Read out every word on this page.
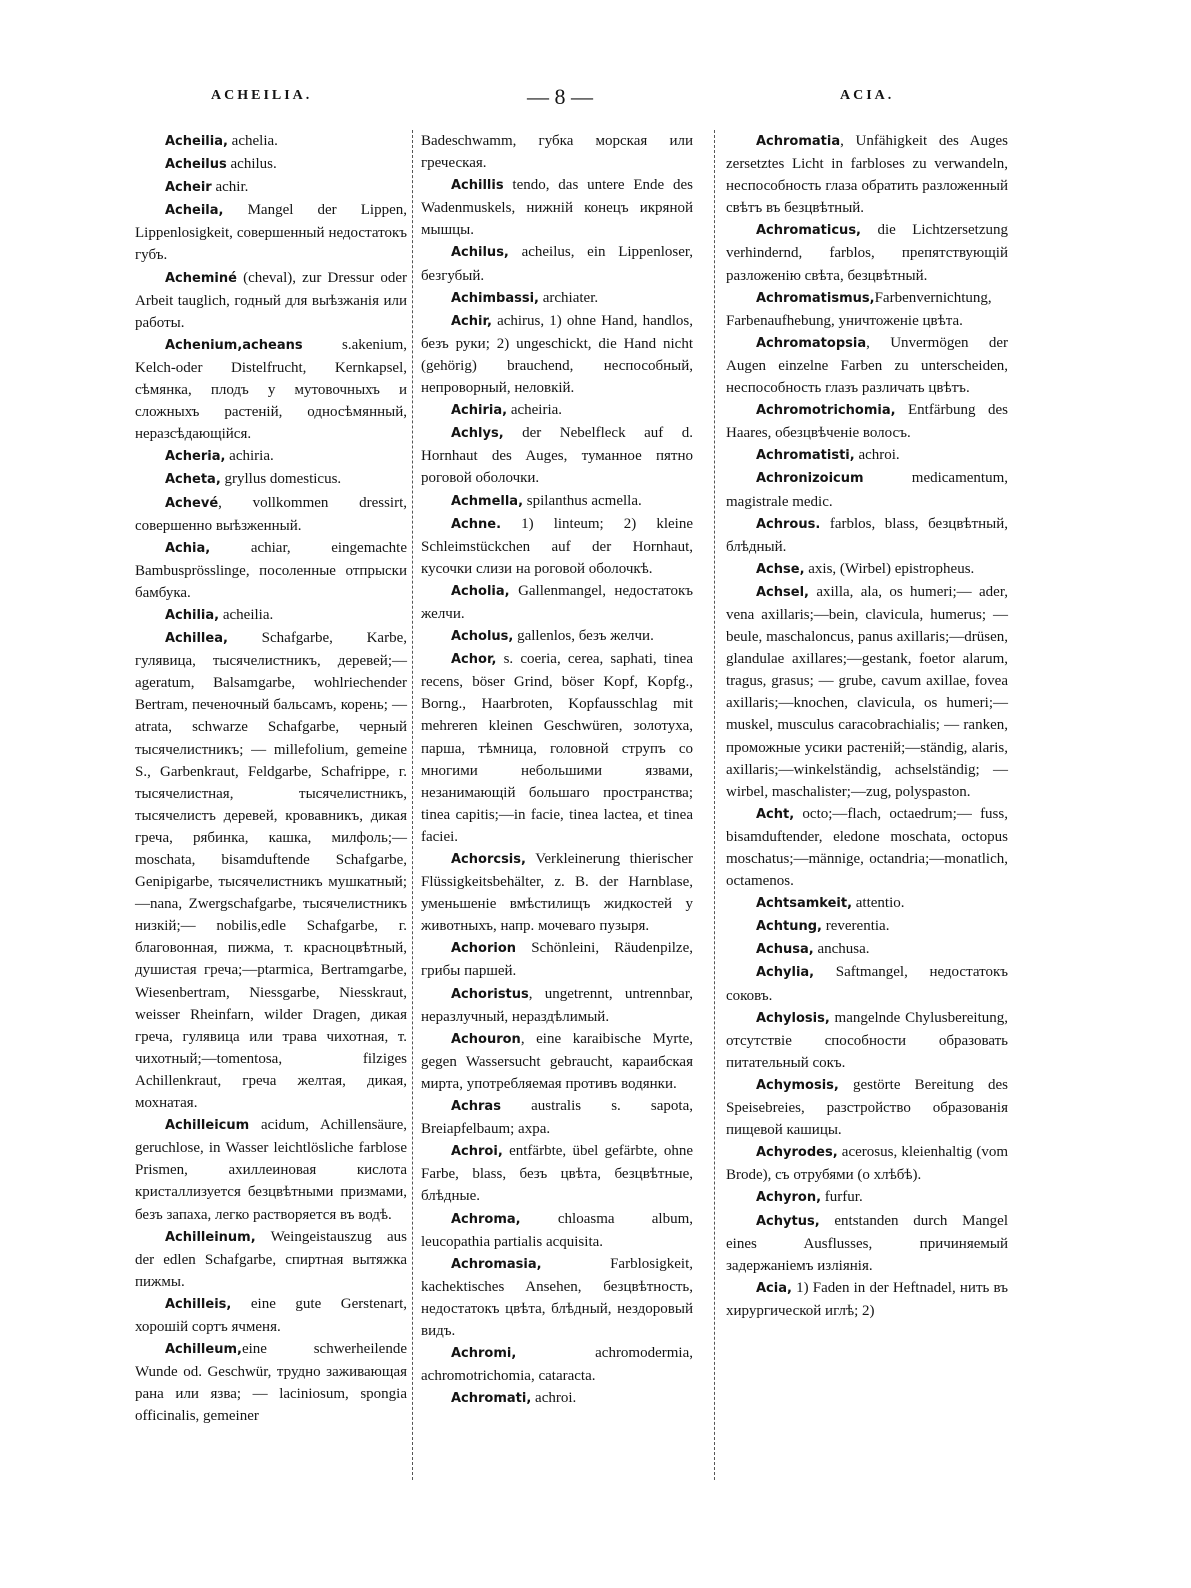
ACHEILIA.	— 8 —	ACIA.

Acheilia, achelia.

Acheilus achilus.

Acheir achir.

Acheila, Mangel der Lippen, Lippenlosigkeit, совершенный недостатокъ губъ.

Acheminé (cheval), zur Dressur oder Arbeit tauglich, годный для выѣзжанія или работы.

Achenium,acheans s.akenium, Kelch-oder Distelfrucht, Kernkapsel, сѣмянка, плодъ у мутовочныхъ и сложныхъ растеній, односѣмянный, неразсѣдающійся.

Acheria, achiria.

Acheta, gryllus domesticus.

Achevé, vollkommen dressirt, совершенно выѣзженный.

Achia, achiar, eingemachte Bambusprösslinge, посоленные отпрыски бамбука.

Achilia, acheilia.

Achillea, Schafgarbe, Karbe, гулявица, тысячелистникъ, деревей;— ageratum, Balsamgarbe, wohlriechender Bertram, печеночный бальсамъ, корень; — atrata, schwarze Schafgarbe, черный тысячелистникъ; — millefolium, gemeine S., Garbenkraut, Feldgarbe, Schafrippe, г. тысячелистная, тысячелистникъ, тысячелистъ деревей, кровавникъ, дикая греча, рябинка, кашка, милфоль;—moschata, bisamduftende Schafgarbe, Genipigarbe, тысячелистникъ мушкатный; —nana, Zwergschafgarbe, тысячелистникъ низкій;— nobilis,edle Schafgarbe, г. благовонная, пижма, т. красноцвѣтный, душистая греча;—ptarmica, Bertramgarbe, Wiesenbertram, Niessgarbe, Niesskraut, weisser Rheinfarn, wilder Dragen, дикая греча, гулявица или трава чихотная, т. чихотный;—tomentosa, filziges Achillenkraut, греча желтая, дикая, мохнатая.

Achilleicum acidum, Achillensäure, geruchlose, in Wasser leichtlösliche farblose Prismen, ахиллеиновая кислота кристаллизуется безцвѣтными призмами, безъ запаха, легко растворяется въ водѣ.

Achilleinum, Weingeistauszug aus der edlen Schafgarbe, спиртная вытяжка пижмы.

Achilleis, eine gute Gerstenart, хорошій сортъ ячменя.

Achilleum,eine schwerheilende Wunde od. Geschwür, трудно заживающая рана или язва; — laciniosum, spongia officinalis, gemeiner

Badeschwamm, губка морская или греческая.

Achillis tendo, das untere Ende des Wadenmuskels, нижній конецъ икряной мышцы.

Achilus, acheilus, ein Lippenloser, безгубый.

Achimbassi, archiater.

Achir, achirus, 1) ohne Hand, handlos, безъ руки; 2) ungeschickt, die Hand nicht (gehörig) brauchend, неспособный, непроворный, неловкій.

Achiria, acheiria.

Achlys, der Nebelfleck auf d. Hornhaut des Auges, туманное пятно роговой оболочки.

Achmella, spilanthus acmella.

Achne. 1) linteum; 2) kleine Schleimstückchen auf der Hornhaut, кусочки слизи на роговой оболочкѣ.

Acholia, Gallenmangel, недостатокъ желчи.

Acholus, gallenlos, безъ желчи.

Achor, s. coeria, cerea, saphati, tinea recens, böser Grind, böser Kopf, Kopfg., Borng., Haarbroten, Kopfausschlag mit mehreren kleinen Geschwüren, золотуха, парша, тѣмница, головной струпъ со многими небольшими язвами, незанимающій большаго пространства; tinea capitis;—in facie, tinea lactea, et tinea faciei.

Achorcsis, Verkleinerung thierischer Flüssigkeitsbehälter, z. B. der Harnblase, уменьшеніе вмѣстилищъ жидкостей у животныхъ, напр. мочеваго пузыря.

Achorion Schönleini, Räudenpilze, грибы паршей.

Achoristus, ungetrennt, untrennbar, неразлучный, нераздѣлимый.

Achouron, eine karaibische Myrte, gegen Wassersucht gebraucht, караибская мирта, употребляемая противъ водянки.

Achras australis s. sapota, Breiapfelbaum; ахра.

Achroi, entfärbte, übel gefärbte, ohne Farbe, blass, безъ цвѣта, безцвѣтные, блѣдные.

Achroma, chloasma album, leucopathia partialis acquisita.

Achromasia, Farblosigkeit, kachektisches Ansehen, безцвѣтность, недостатокъ цвѣта, блѣдный, нездоровый видъ.

Achromi, achromodermia, achromotrichomia, cataracta.

Achromati, achroi.

Achromatia, Unfähigkeit des Auges zersetztes Licht in farbloses zu verwandeln, неспособность глаза обратить разложенный свѣтъ въ безцвѣтный.

Achromaticus, die Lichtzersetzung verhindernd, farblos, препятствующій разложенію свѣта, безцвѣтный.

Achromatismus,Farbenvernichtung, Farbenaufhebung, уничтоженіе цвѣта.

Achromatopsia, Unvermögen der Augen einzelne Farben zu unterscheiden, неспособность глазъ различать цвѣтъ.

Achromotrichomia, Entfärbung des Haares, обезцвѣченіе волосъ.

Achromatisti, achroi.

Achronizoicum medicamentum, magistrale medic.

Achrous. farblos, blass, безцвѣтный, блѣдный.

Achse, axis, (Wirbel) epistropheus.

Achsel, axilla, ala, os humeri;— ader, vena axillaris;—bein, clavicula, humerus; — beule, maschaloncus, panus axillaris;—drüsen, glandulae axillares;—gestank, foetor alarum, tragus, grasus; — grube, cavum axillae, fovea axillaris;—knochen, clavicula, os humeri;—muskel, musculus caracobrachialis; — ranken, проможные усики растеній;—ständig, alaris, axillaris;—winkelständig, achselständig; — wirbel, maschalister;—zug, polyspaston.

Acht, octo;—flach, octaedrum;— fuss, bisamduftender, eledone moschata, octopus moschatus;—männige, octandria;—monatlich, octamenos.

Achtsamkeit, attentio.

Achtung, reverentia.

Achusa, anchusa.

Achylia, Saftmangel, недостатокъ соковъ.

Achylosis, mangelnde Chylusbereitung, отсутствіе способности образовать питательный сокъ.

Achymosis, gestörte Bereitung des Speisebreies, разстройство образованія пищевой кашицы.

Achyrodes, acerosus, kleienhaltig (vom Brode), съ отрубями (о хлѣбѣ).

Achyron, furfur.

Achytus, entstanden durch Mangel eines Ausflusses, причиняемый задержаніемъ изліянія.

Acia, 1) Faden in der Heftnadel, нить въ хирургической иглѣ; 2)
